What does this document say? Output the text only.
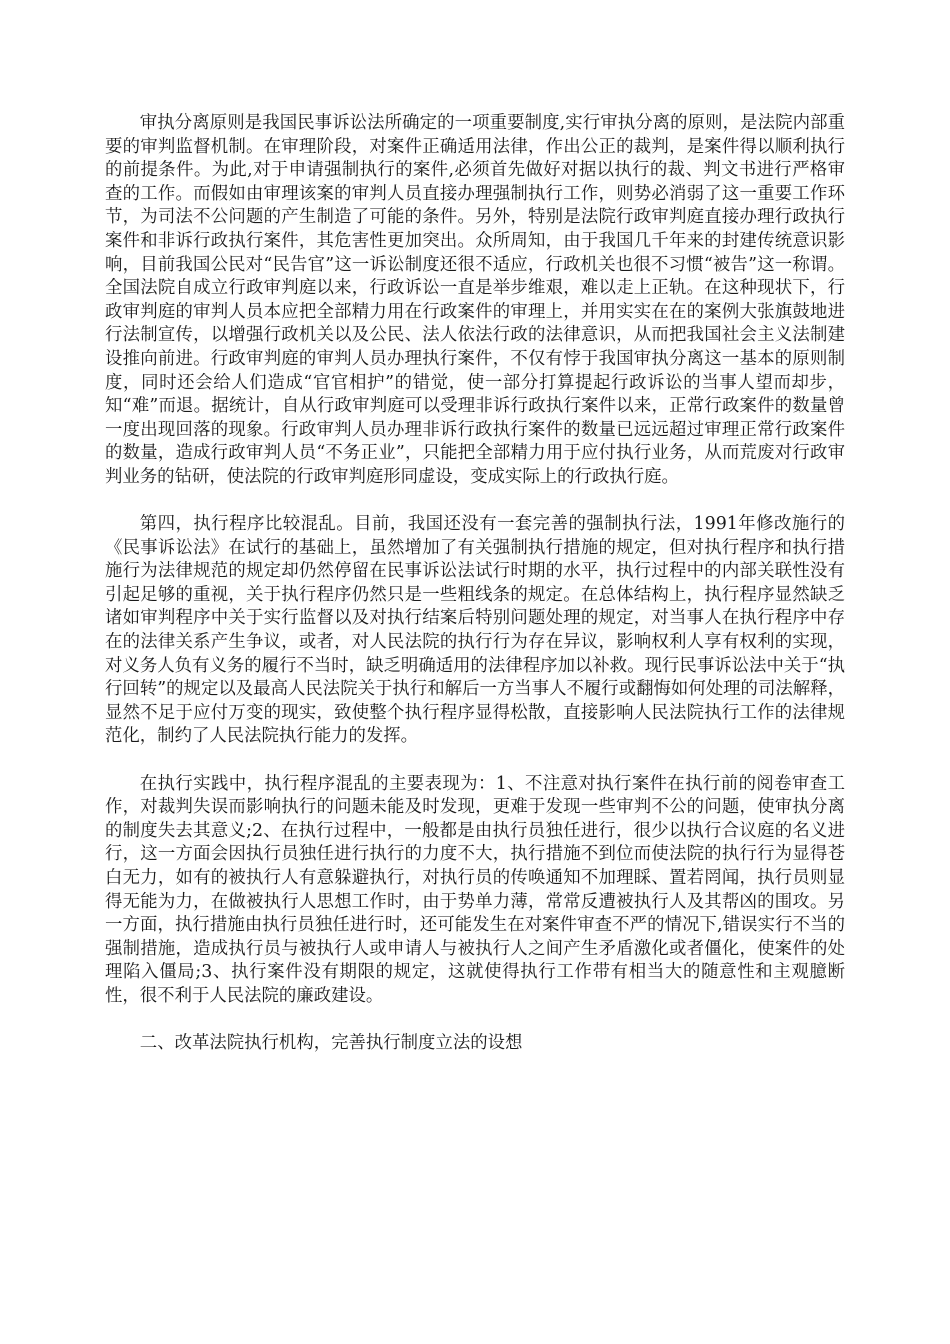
审执分离原则是我国民事诉讼法所确定的一项重要制度,实行审执分离的原则，是法院内部重要的审判监督机制。在审理阶段，对案件正确适用法律，作出公正的裁判，是案件得以顺利执行的前提条件。为此,对于申请强制执行的案件,必须首先做好对据以执行的裁、判文书进行严格审查的工作。而假如由审理该案的审判人员直接办理强制执行工作，则势必消弱了这一重要工作环节，为司法不公问题的产生制造了可能的条件。另外，特别是法院行政审判庭直接办理行政执行案件和非诉行政执行案件，其危害性更加突出。众所周知，由于我国几千年来的封建传统意识影响，目前我国公民对“民告官”这一诉讼制度还很不适应，行政机关也很不习惯“被告”这一称谓。全国法院自成立行政审判庭以来，行政诉讼一直是举步维艰，难以走上正轨。在这种现状下，行政审判庭的审判人员本应把全部精力用在行政案件的审理上，并用实实在在的案例大张旗鼓地进行法制宣传，以增强行政机关以及公民、法人依法行政的法律意识，从而把我国社会主义法制建设推向前进。行政审判庭的审判人员办理执行案件，不仅有悖于我国审执分离这一基本的原则制度，同时还会给人们造成“官官相护”的错觉，使一部分打算提起行政诉讼的当事人望而却步，知“难”而退。据统计，自从行政审判庭可以受理非诉行政执行案件以来，正常行政案件的数量曾一度出现回落的现象。行政审判人员办理非诉行政执行案件的数量已远远超过审理正常行政案件的数量，造成行政审判人员“不务正业”，只能把全部精力用于应付执行业务，从而荒废对行政审判业务的钻研，使法院的行政审判庭形同虚设，变成实际上的行政执行庭。

第四，执行程序比较混乱。目前，我国还没有一套完善的强制执行法，1991年修改施行的《民事诉讼法》在试行的基础上，虽然增加了有关强制执行措施的规定，但对执行程序和执行措施行为法律规范的规定却仍然停留在民事诉讼法试行时期的水平，执行过程中的内部关联性没有引起足够的重视，关于执行程序仍然只是一些粗线条的规定。在总体结构上，执行程序显然缺乏诸如审判程序中关于实行监督以及对执行结案后特别问题处理的规定，对当事人在执行程序中存在的法律关系产生争议，或者，对人民法院的执行行为存在异议，影响权利人享有权利的实现，对义务人负有义务的履行不当时，缺乏明确适用的法律程序加以补救。现行民事诉讼法中关于“执行回转”的规定以及最高人民法院关于执行和解后一方当事人不履行或翻悔如何处理的司法解释，显然不足于应付万变的现实，致使整个执行程序显得松散，直接影响人民法院执行工作的法律规范化，制约了人民法院执行能力的发挥。

在执行实践中，执行程序混乱的主要表现为：1、不注意对执行案件在执行前的阅卷审查工作，对裁判失误而影响执行的问题未能及时发现，更难于发现一些审判不公的问题，使审执分离的制度失去其意义;2、在执行过程中，一般都是由执行员独任进行，很少以执行合议庭的名义进行，这一方面会因执行员独任进行执行的力度不大，执行措施不到位而使法院的执行行为显得苍白无力，如有的被执行人有意躲避执行，对执行员的传唤通知不加理睬、置若罔闻，执行员则显得无能为力，在做被执行人思想工作时，由于势单力薄，常常反遭被执行人及其帮凶的围攻。另一方面，执行措施由执行员独任进行时，还可能发生在对案件审查不严的情况下,错误实行不当的强制措施，造成执行员与被执行人或申请人与被执行人之间产生矛盾激化或者僵化，使案件的处理陷入僵局;3、执行案件没有期限的规定，这就使得执行工作带有相当大的随意性和主观臆断性，很不利于人民法院的廉政建设。

二、改革法院执行机构，完善执行制度立法的设想
